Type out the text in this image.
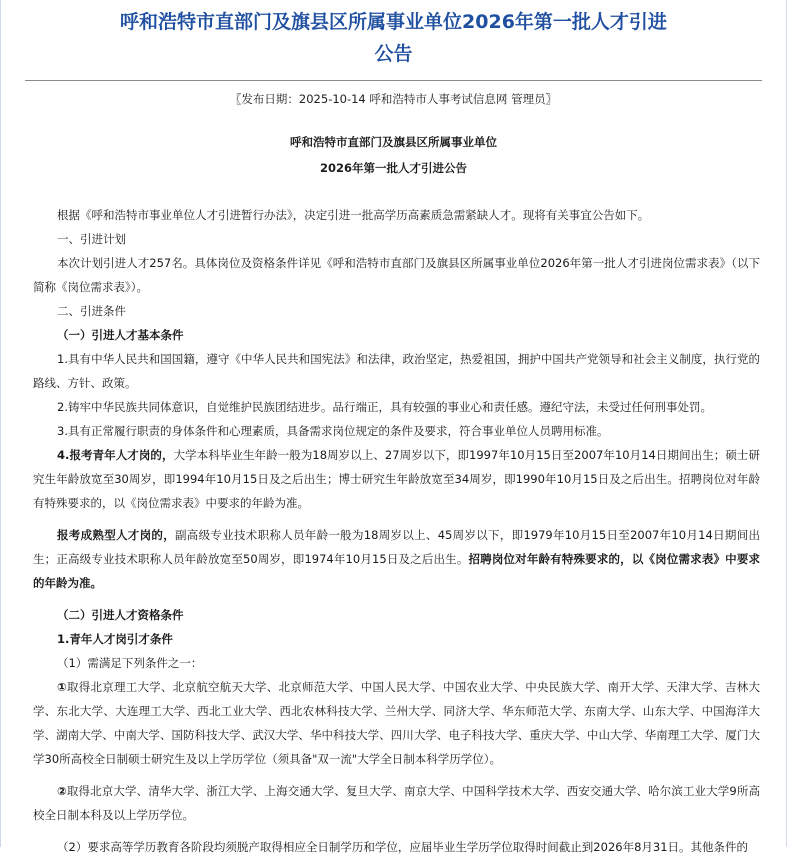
呼和浩特市直部门及旗县区所属事业单位2026年第一批人才引进
公告
〖发布日期：2025-10-14 呼和浩特市人事考试信息网 管理员〗
呼和浩特市直部门及旗县区所属事业单位
2026年第一批人才引进公告

根据《呼和浩特市事业单位人才引进暂行办法》，决定引进一批高学历高素质急需紧缺人才。现将有关事宜公告如下。

一、引进计划

本次计划引进人才257名。具体岗位及资格条件详见《呼和浩特市直部门及旗县区所属事业单位2026年第一批人才引进岗位需求表》（以下简称《岗位需求表》）。

二、引进条件

（一）引进人才基本条件

1.具有中华人民共和国国籍，遵守《中华人民共和国宪法》和法律，政治坚定，热爱祖国，拥护中国共产党领导和社会主义制度，执行党的路线、方针、政策。

2.铸牢中华民族共同体意识，自觉维护民族团结进步。品行端正，具有较强的事业心和责任感。遵纪守法，未受过任何刑事处罚。

3.具有正常履行职责的身体条件和心理素质，具备需求岗位规定的条件及要求，符合事业单位人员聘用标准。

4.报考青年人才岗的，大学本科毕业生年龄一般为18周岁以上、27周岁以下，即1997年10月15日至2007年10月14日期间出生；硕士研究生年龄放宽至30周岁，即1994年10月15日及之后出生；博士研究生年龄放宽至34周岁，即1990年10月15日及之后出生。招聘岗位对年龄有特殊要求的，以《岗位需求表》中要求的年龄为准。

报考成熟型人才岗的，副高级专业技术职称人员年龄一般为18周岁以上、45周岁以下，即1979年10月15日至2007年10月14日期间出生；正高级专业技术职称人员年龄放宽至50周岁，即1974年10月15日及之后出生。招聘岗位对年龄有特殊要求的，以《岗位需求表》中要求的年龄为准。

（二）引进人才资格条件

1.青年人才岗引才条件

（1）需满足下列条件之一：

①取得北京理工大学、北京航空航天大学、北京师范大学、中国人民大学、中国农业大学、中央民族大学、南开大学、天津大学、吉林大学、东北大学、大连理工大学、西北工业大学、西北农林科技大学、兰州大学、同济大学、华东师范大学、东南大学、山东大学、中国海洋大学、湖南大学、中南大学、国防科技大学、武汉大学、华中科技大学、四川大学、电子科技大学、重庆大学、中山大学、华南理工大学、厦门大学30所高校全日制硕士研究生及以上学历学位（须具备"双一流"大学全日制本科学历学位）。

②取得北京大学、清华大学、浙江大学、上海交通大学、复旦大学、南京大学、中国科学技术大学、西安交通大学、哈尔滨工业大学9所高校全日制本科及以上学历学位。

（2）要求高等学历教育各阶段均须脱产取得相应全日制学历和学位，应届毕业生学历学位取得时间截止到2026年8月31日。其他条件的
